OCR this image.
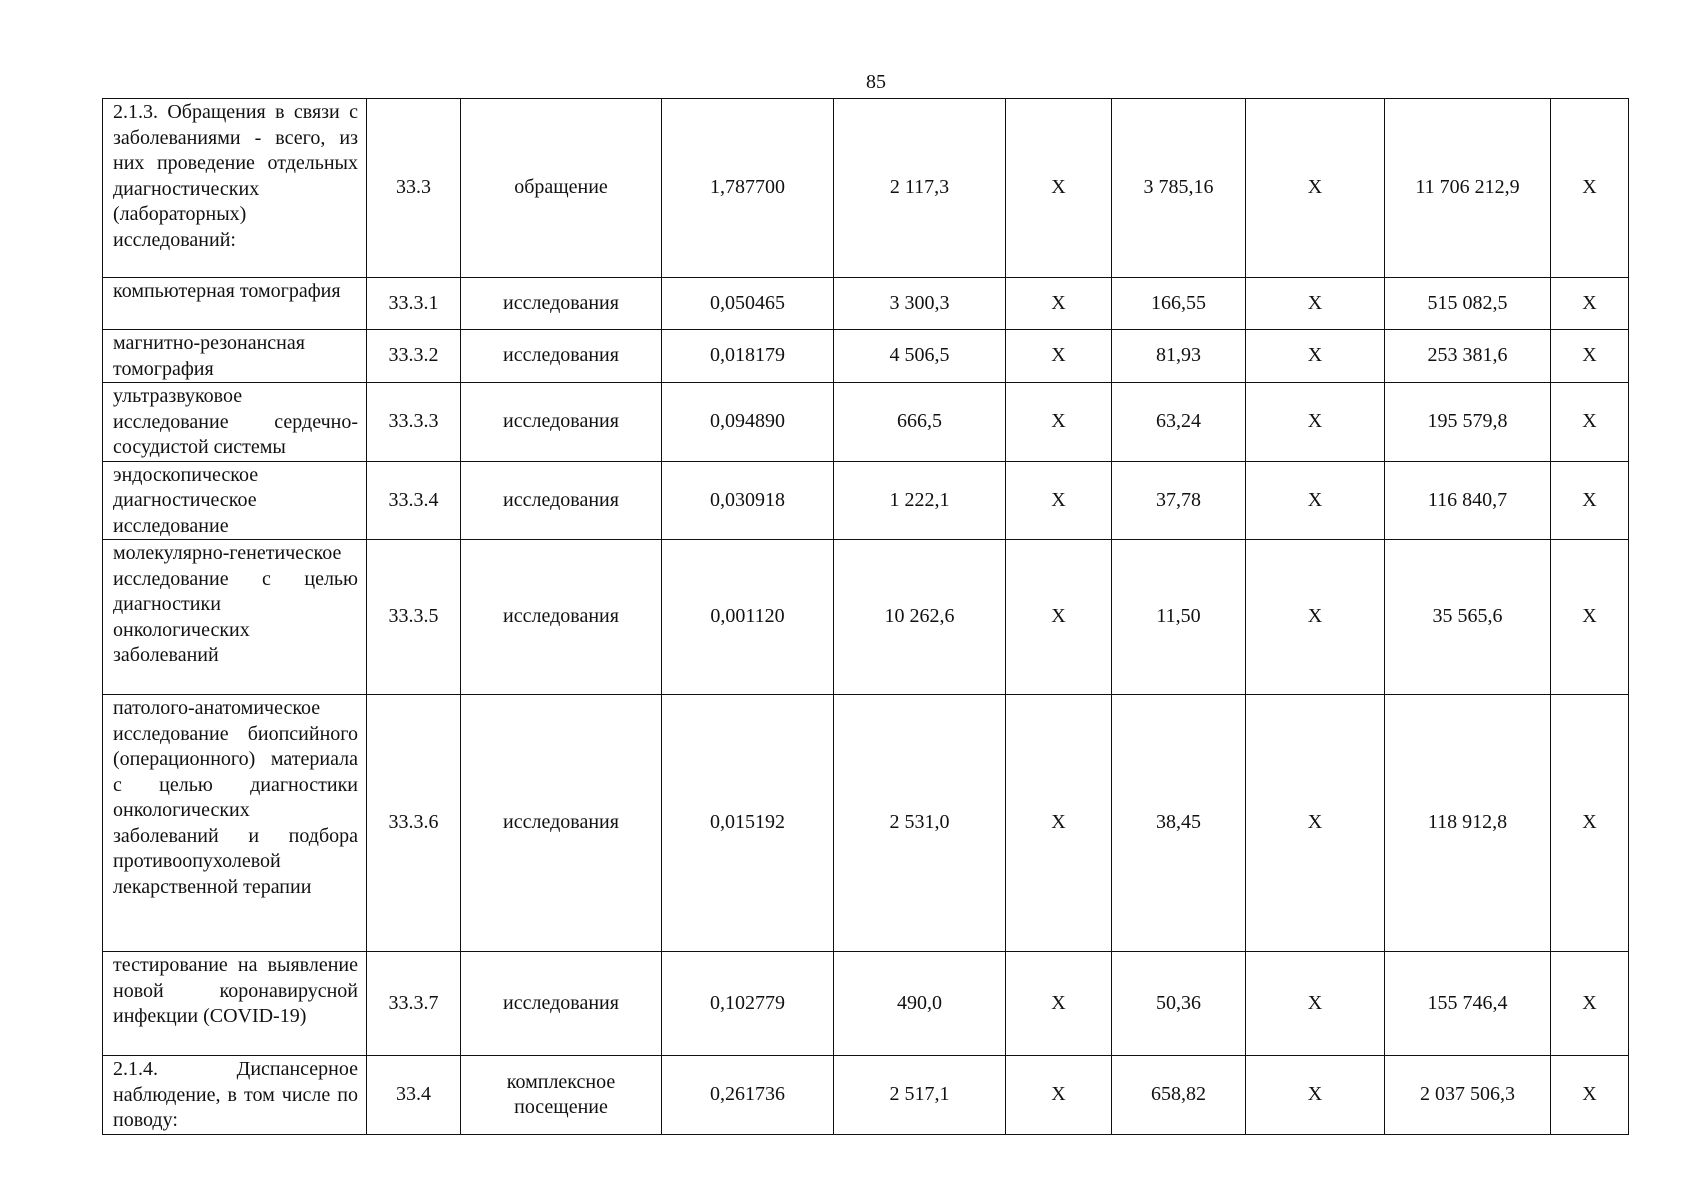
85
2.1.3. Обращения в связи с заболеваниями - всего, из них проведение отдельных диагностических (лабораторных) исследований:	33.3	обращение	1,787700	2 117,3	X	3 785,16	X	11 706 212,9	X
компьютерная томография	33.3.1	исследования	0,050465	3 300,3	X	166,55	X	515 082,5	X
магнитно-резонансная томография	33.3.2	исследования	0,018179	4 506,5	X	81,93	X	253 381,6	X
ультразвуковое исследование сердечно-сосудистой системы	33.3.3	исследования	0,094890	666,5	X	63,24	X	195 579,8	X
эндоскопическое диагностическое исследование	33.3.4	исследования	0,030918	1 222,1	X	37,78	X	116 840,7	X
молекулярно-генетическое исследование с целью диагностики онкологических заболеваний	33.3.5	исследования	0,001120	10 262,6	X	11,50	X	35 565,6	X
патолого-анатомическое исследование биопсийного (операционного) материала с целью диагностики онкологических заболеваний и подбора противоопухолевой лекарственной терапии	33.3.6	исследования	0,015192	2 531,0	X	38,45	X	118 912,8	X
тестирование на выявление новой коронавирусной инфекции (COVID-19)	33.3.7	исследования	0,102779	490,0	X	50,36	X	155 746,4	X
2.1.4. Диспансерное наблюдение, в том числе по поводу:	33.4	комплексное посещение	0,261736	2 517,1	X	658,82	X	2 037 506,3	X
